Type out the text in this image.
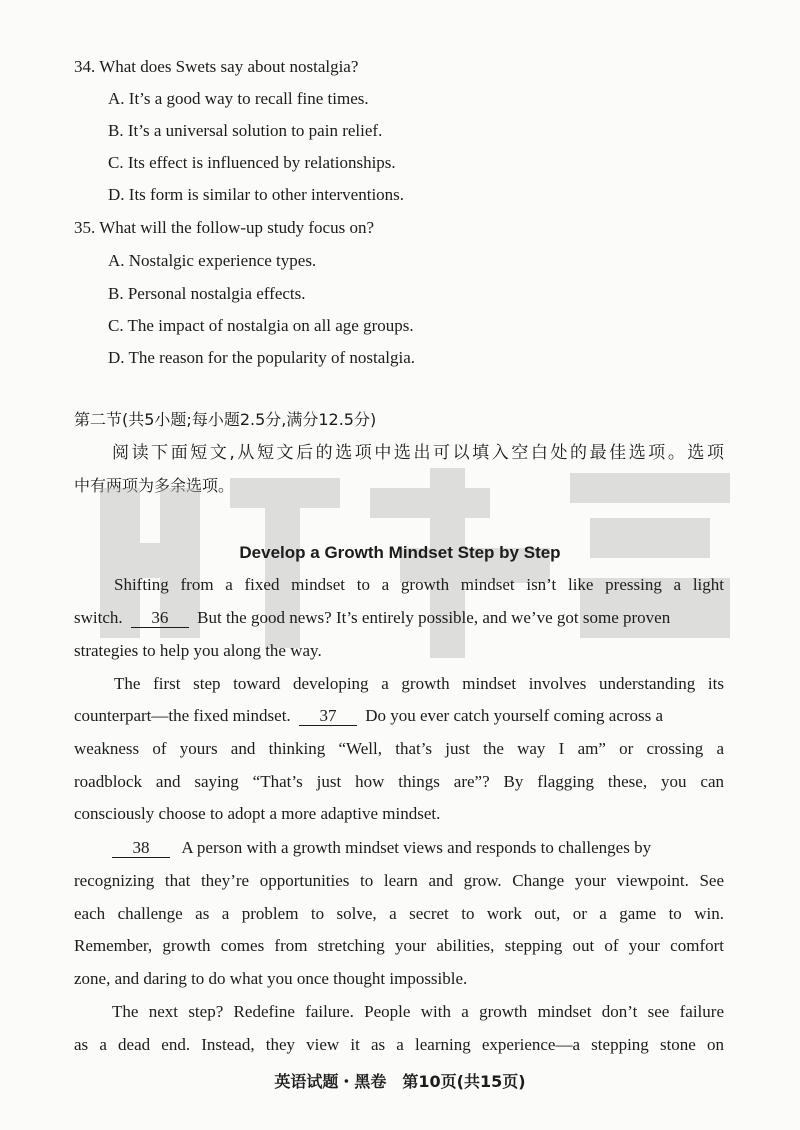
34. What does Swets say about nostalgia?
A. It’s a good way to recall fine times.
B. It’s a universal solution to pain relief.
C. Its effect is influenced by relationships.
D. Its form is similar to other interventions.
35. What will the follow-up study focus on?
A. Nostalgic experience types.
B. Personal nostalgia effects.
C. The impact of nostalgia on all age groups.
D. The reason for the popularity of nostalgia.
第二节(共5小题;每小题2.5分,满分12.5分)
阅读下面短文,从短文后的选项中选出可以填入空白处的最佳选项。选项
中有两项为多余选项。
Develop a Growth Mindset Step by Step
Shifting from a fixed mindset to a growth mindset isn’t like pressing a light
switch. 36 But the good news? It’s entirely possible, and we’ve got some proven
strategies to help you along the way.
The first step toward developing a growth mindset involves understanding its
counterpart—the fixed mindset. 37 Do you ever catch yourself coming across a
weakness of yours and thinking “Well, that’s just the way I am” or crossing a
roadblock and saying “That’s just how things are”? By flagging these, you can
consciously choose to adopt a more adaptive mindset.
38 A person with a growth mindset views and responds to challenges by
recognizing that they’re opportunities to learn and grow. Change your viewpoint. See
each challenge as a problem to solve, a secret to work out, or a game to win.
Remember, growth comes from stretching your abilities, stepping out of your comfort
zone, and daring to do what you once thought impossible.
The next step? Redefine failure. People with a growth mindset don’t see failure
as a dead end. Instead, they view it as a learning experience—a stepping stone on
英语试题・黑卷　第10页(共15页)
